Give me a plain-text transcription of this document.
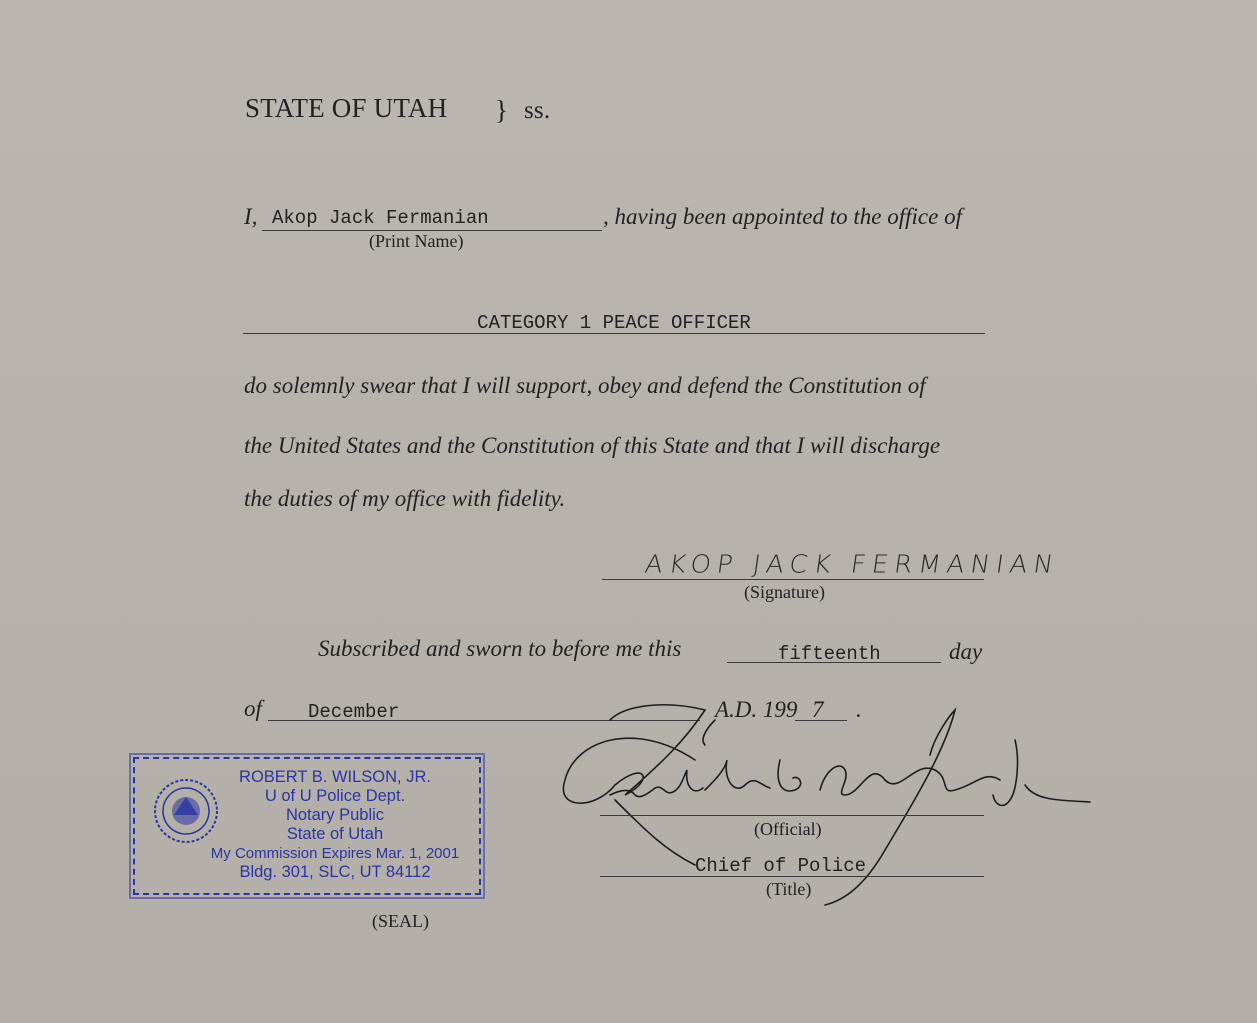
STATE OF UTAH } ss.
I, Akop Jack Fermanian	, having been appointed to the office of
(Print Name)
CATEGORY 1 PEACE OFFICER
do solemnly swear that I will support, obey and defend the Constitution of
the United States and the Constitution of this State and that I will discharge
the duties of my office with fidelity.
AKOP JACK FERMANIAN
(Signature)
Subscribed and sworn to before me this	fifteenth	day
of December	A.D. 199 7 .
(Official)
Chief of Police
(Title)
ROBERT B. WILSON, JR.
U of U Police Dept.
Notary Public
State of Utah
My Commission Expires Mar. 1, 2001
Bldg. 301, SLC, UT 84112
(SEAL)
